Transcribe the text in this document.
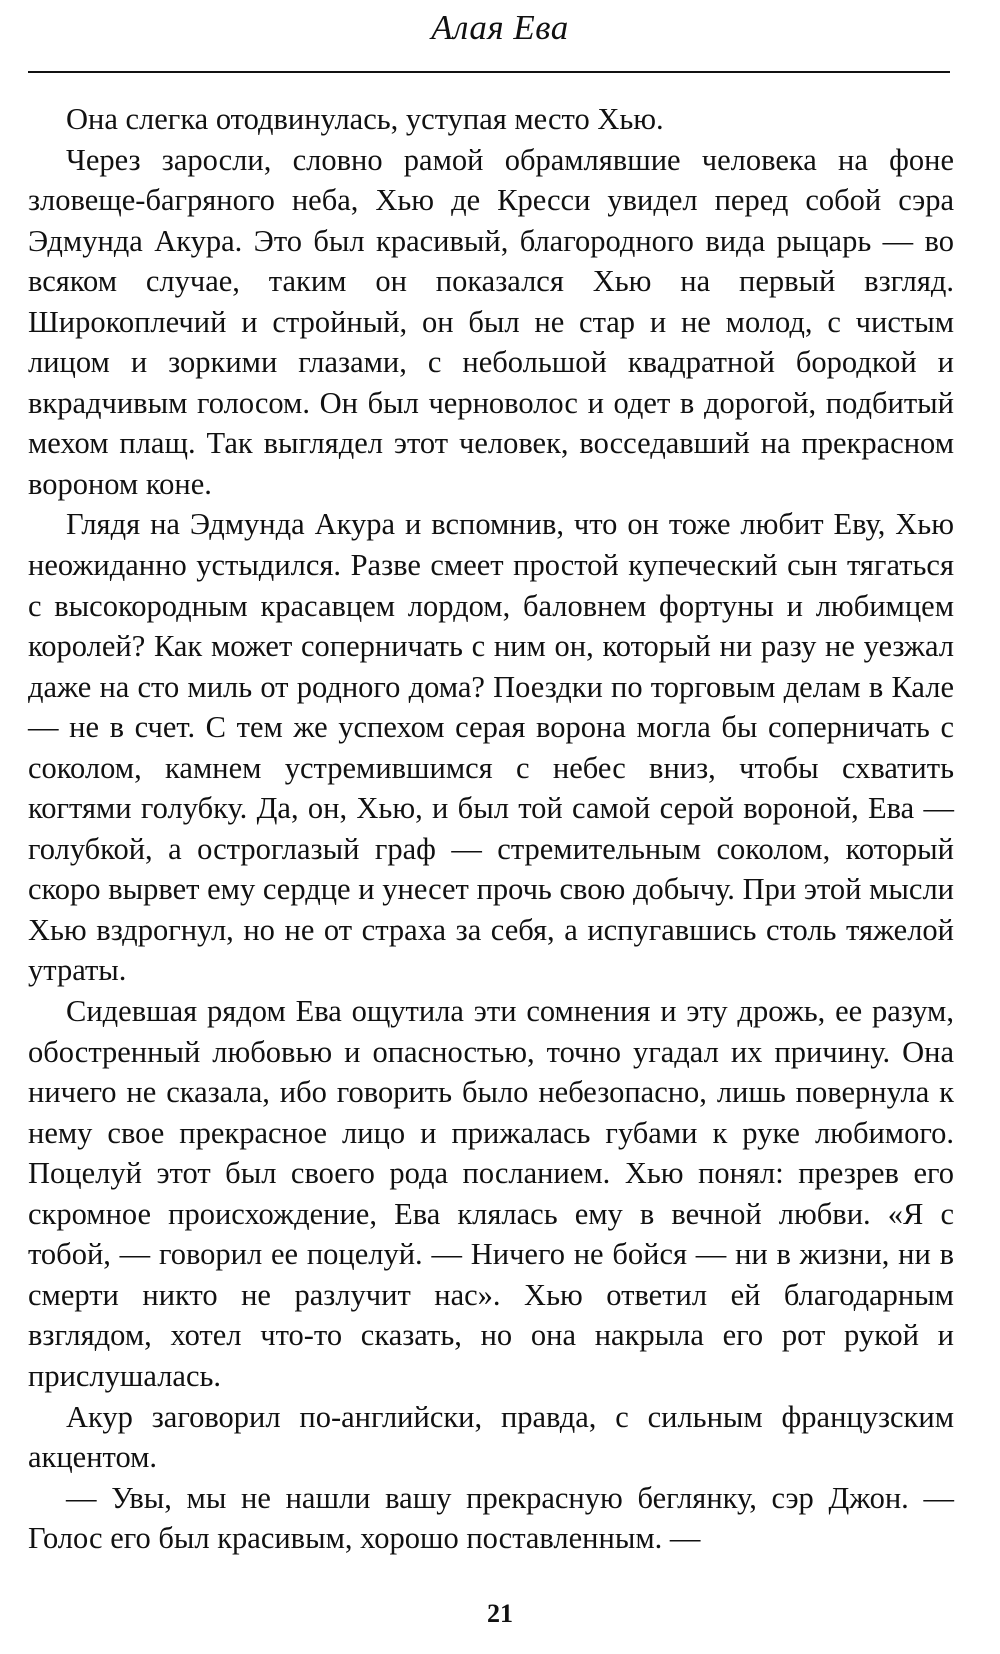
Алая Ева

Она слегка отодвинулась, уступая место Хью.

Через заросли, словно рамой обрамлявшие человека на фоне зловеще-багряного неба, Хью де Кресси увидел перед собой сэра Эдмунда Акура. Это был красивый, благородного вида рыцарь — во всяком случае, таким он показался Хью на первый взгляд. Широкоплечий и стройный, он был не стар и не молод, с чистым лицом и зоркими глазами, с небольшой квадратной бородкой и вкрадчивым голосом. Он был черноволос и одет в дорогой, подбитый мехом плащ. Так выглядел этот человек, восседавший на прекрасном вороном коне.

Глядя на Эдмунда Акура и вспомнив, что он тоже любит Еву, Хью неожиданно устыдился. Разве смеет простой купеческий сын тягаться с высокородным красавцем лордом, баловнем фортуны и любимцем королей? Как может соперничать с ним он, который ни разу не уезжал даже на сто миль от родного дома? Поездки по торговым делам в Кале — не в счет. С тем же успехом серая ворона могла бы соперничать с соколом, камнем устремившимся с небес вниз, чтобы схватить когтями голубку. Да, он, Хью, и был той самой серой вороной, Ева — голубкой, а остроглазый граф — стремительным соколом, который скоро вырвет ему сердце и унесет прочь свою добычу. При этой мысли Хью вздрогнул, но не от страха за себя, а испугавшись столь тяжелой утраты.

Сидевшая рядом Ева ощутила эти сомнения и эту дрожь, ее разум, обостренный любовью и опасностью, точно угадал их причину. Она ничего не сказала, ибо говорить было небезопасно, лишь повернула к нему свое прекрасное лицо и прижалась губами к руке любимого. Поцелуй этот был своего рода посланием. Хью понял: презрев его скромное происхождение, Ева клялась ему в вечной любви. «Я с тобой, — говорил ее поцелуй. — Ничего не бойся — ни в жизни, ни в смерти никто не разлучит нас». Хью ответил ей благодарным взглядом, хотел что-то сказать, но она накрыла его рот рукой и прислушалась.

Акур заговорил по-английски, правда, с сильным французским акцентом.

— Увы, мы не нашли вашу прекрасную беглянку, сэр Джон. — Голос его был красивым, хорошо поставленным. —

21
